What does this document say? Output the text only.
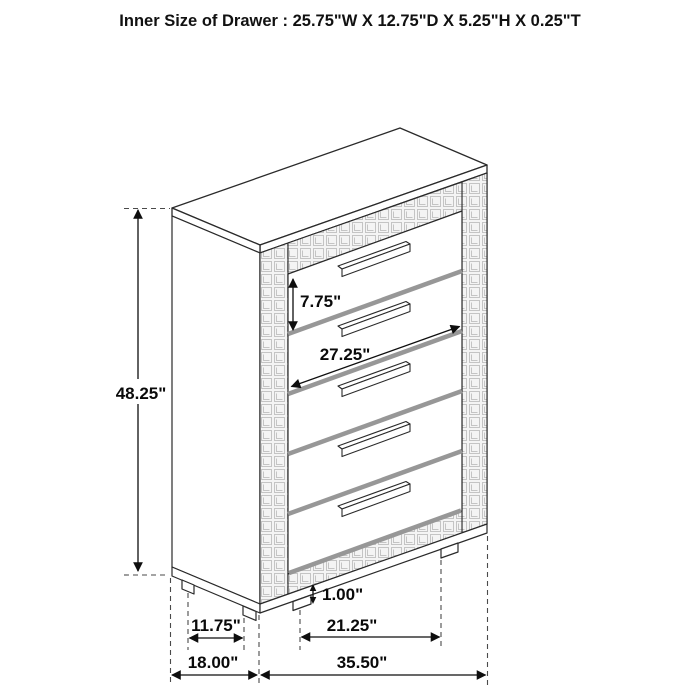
Inner Size of Drawer : 25.75"W X 12.75"D X 5.25"H X 0.25"T
48.25"
7.75"
27.25"
1.00"
11.75"	21.25"
18.00"	35.50"
